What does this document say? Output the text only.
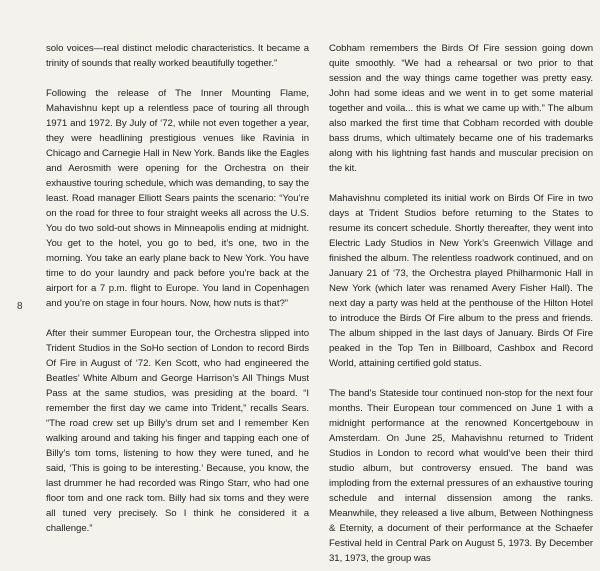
8

solo voices—real distinct melodic characteristics. It became a trinity of sounds that really worked beautifully together.”

Following the release of The Inner Mounting Flame, Mahavishnu kept up a relentless pace of touring all through 1971 and 1972. By July of ‘72, while not even together a year, they were headlining prestigious venues like Ravinia in Chicago and Carnegie Hall in New York. Bands like the Eagles and Aerosmith were opening for the Orchestra on their exhaustive touring schedule, which was demanding, to say the least. Road manager Elliott Sears paints the scenario: “You’re on the road for three to four straight weeks all across the U.S. You do two sold-out shows in Minneapolis ending at midnight. You get to the hotel, you go to bed, it’s one, two in the morning. You take an early plane back to New York. You have time to do your laundry and pack before you’re back at the airport for a 7 p.m. flight to Europe. You land in Copenhagen and you’re on stage in four hours. Now, how nuts is that?”

After their summer European tour, the Orchestra slipped into Trident Studios in the SoHo section of London to record Birds Of Fire in August of ‘72. Ken Scott, who had engineered the Beatles’ White Album and George Harrison’s All Things Must Pass at the same studios, was presiding at the board. “I remember the first day we came into Trident,” recalls Sears. “The road crew set up Billy’s drum set and I remember Ken walking around and taking his finger and tapping each one of Billy’s tom toms, listening to how they were tuned, and he said, ‘This is going to be interesting.’ Because, you know, the last drummer he had recorded was Ringo Starr, who had one floor tom and one rack tom. Billy had six toms and they were all tuned very precisely. So I think he considered it a challenge.”

Cobham remembers the Birds Of Fire session going down quite smoothly. “We had a rehearsal or two prior to that session and the way things came together was pretty easy. John had some ideas and we went in to get some material together and voila... this is what we came up with.” The album also marked the first time that Cobham recorded with double bass drums, which ultimately became one of his trademarks along with his lightning fast hands and muscular precision on the kit.

Mahavishnu completed its initial work on Birds Of Fire in two days at Trident Studios before returning to the States to resume its concert schedule. Shortly thereafter, they went into Electric Lady Studios in New York’s Greenwich Village and finished the album. The relentless roadwork continued, and on January 21 of ‘73, the Orchestra played Philharmonic Hall in New York (which later was renamed Avery Fisher Hall). The next day a party was held at the penthouse of the Hilton Hotel to introduce the Birds Of Fire album to the press and friends. The album shipped in the last days of January. Birds Of Fire peaked in the Top Ten in Billboard, Cashbox and Record World, attaining certified gold status.

The band’s Stateside tour continued non-stop for the next four months. Their European tour commenced on June 1 with a midnight performance at the renowned Koncertgebouw in Amsterdam. On June 25, Mahavishnu returned to Trident Studios in London to record what would’ve been their third studio album, but controversy ensued. The band was imploding from the external pressures of an exhaustive touring schedule and internal dissension among the ranks. Meanwhile, they released a live album, Between Nothingness & Eternity, a document of their performance at the Schaefer Festival held in Central Park on August 5, 1973. By December 31, 1973, the group was
